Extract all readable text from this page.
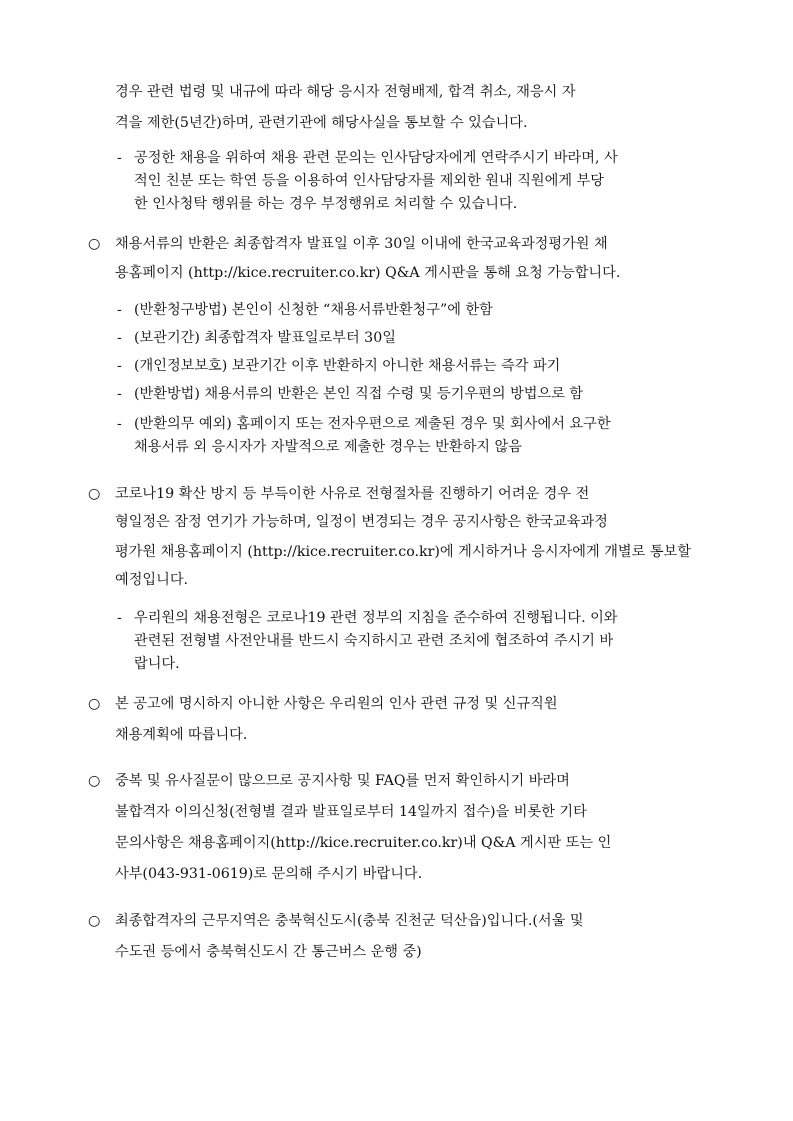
경우 관련 법령 및 내규에 따라 해당 응시자 전형배제, 합격 취소, 재응시 자
격을 제한(5년간)하며, 관련기관에 해당사실을 통보할 수 있습니다.
- 공정한 채용을 위하여 채용 관련 문의는 인사담당자에게 연락주시기 바라며, 사
적인 친분 또는 학연 등을 이용하여 인사담당자를 제외한 원내 직원에게 부당
한 인사청탁 행위를 하는 경우 부정행위로 처리할 수 있습니다.
○ 채용서류의 반환은 최종합격자 발표일 이후 30일 이내에 한국교육과정평가원 채
용홈페이지 (http://kice.recruiter.co.kr) Q&A 게시판을 통해 요청 가능합니다.
- (반환청구방법) 본인이 신청한 “채용서류반환청구”에 한함
- (보관기간) 최종합격자 발표일로부터 30일
- (개인정보보호) 보관기간 이후 반환하지 아니한 채용서류는 즉각 파기
- (반환방법) 채용서류의 반환은 본인 직접 수령 및 등기우편의 방법으로 함
- (반환의무 예외) 홈페이지 또는 전자우편으로 제출된 경우 및 회사에서 요구한
채용서류 외 응시자가 자발적으로 제출한 경우는 반환하지 않음
○ 코로나19 확산 방지 등 부득이한 사유로 전형절차를 진행하기 어려운 경우 전
형일정은 잠정 연기가 가능하며, 일정이 변경되는 경우 공지사항은 한국교육과정
평가원 채용홈페이지 (http://kice.recruiter.co.kr)에 게시하거나 응시자에게 개별로 통보할
예정입니다.
- 우리원의 채용전형은 코로나19 관련 정부의 지침을 준수하여 진행됩니다. 이와
관련된 전형별 사전안내를 반드시 숙지하시고 관련 조치에 협조하여 주시기 바
랍니다.
○ 본 공고에 명시하지 아니한 사항은 우리원의 인사 관련 규정 및 신규직원
채용계획에 따릅니다.
○ 중복 및 유사질문이 많으므로 공지사항 및 FAQ를 먼저 확인하시기 바라며
불합격자 이의신청(전형별 결과 발표일로부터 14일까지 접수)을 비롯한 기타
문의사항은 채용홈페이지(http://kice.recruiter.co.kr)내 Q&A 게시판 또는 인
사부(043-931-0619)로 문의해 주시기 바랍니다.
○ 최종합격자의 근무지역은 충북혁신도시(충북 진천군 덕산읍)입니다.(서울 및
수도권 등에서 충북혁신도시 간 통근버스 운행 중)
